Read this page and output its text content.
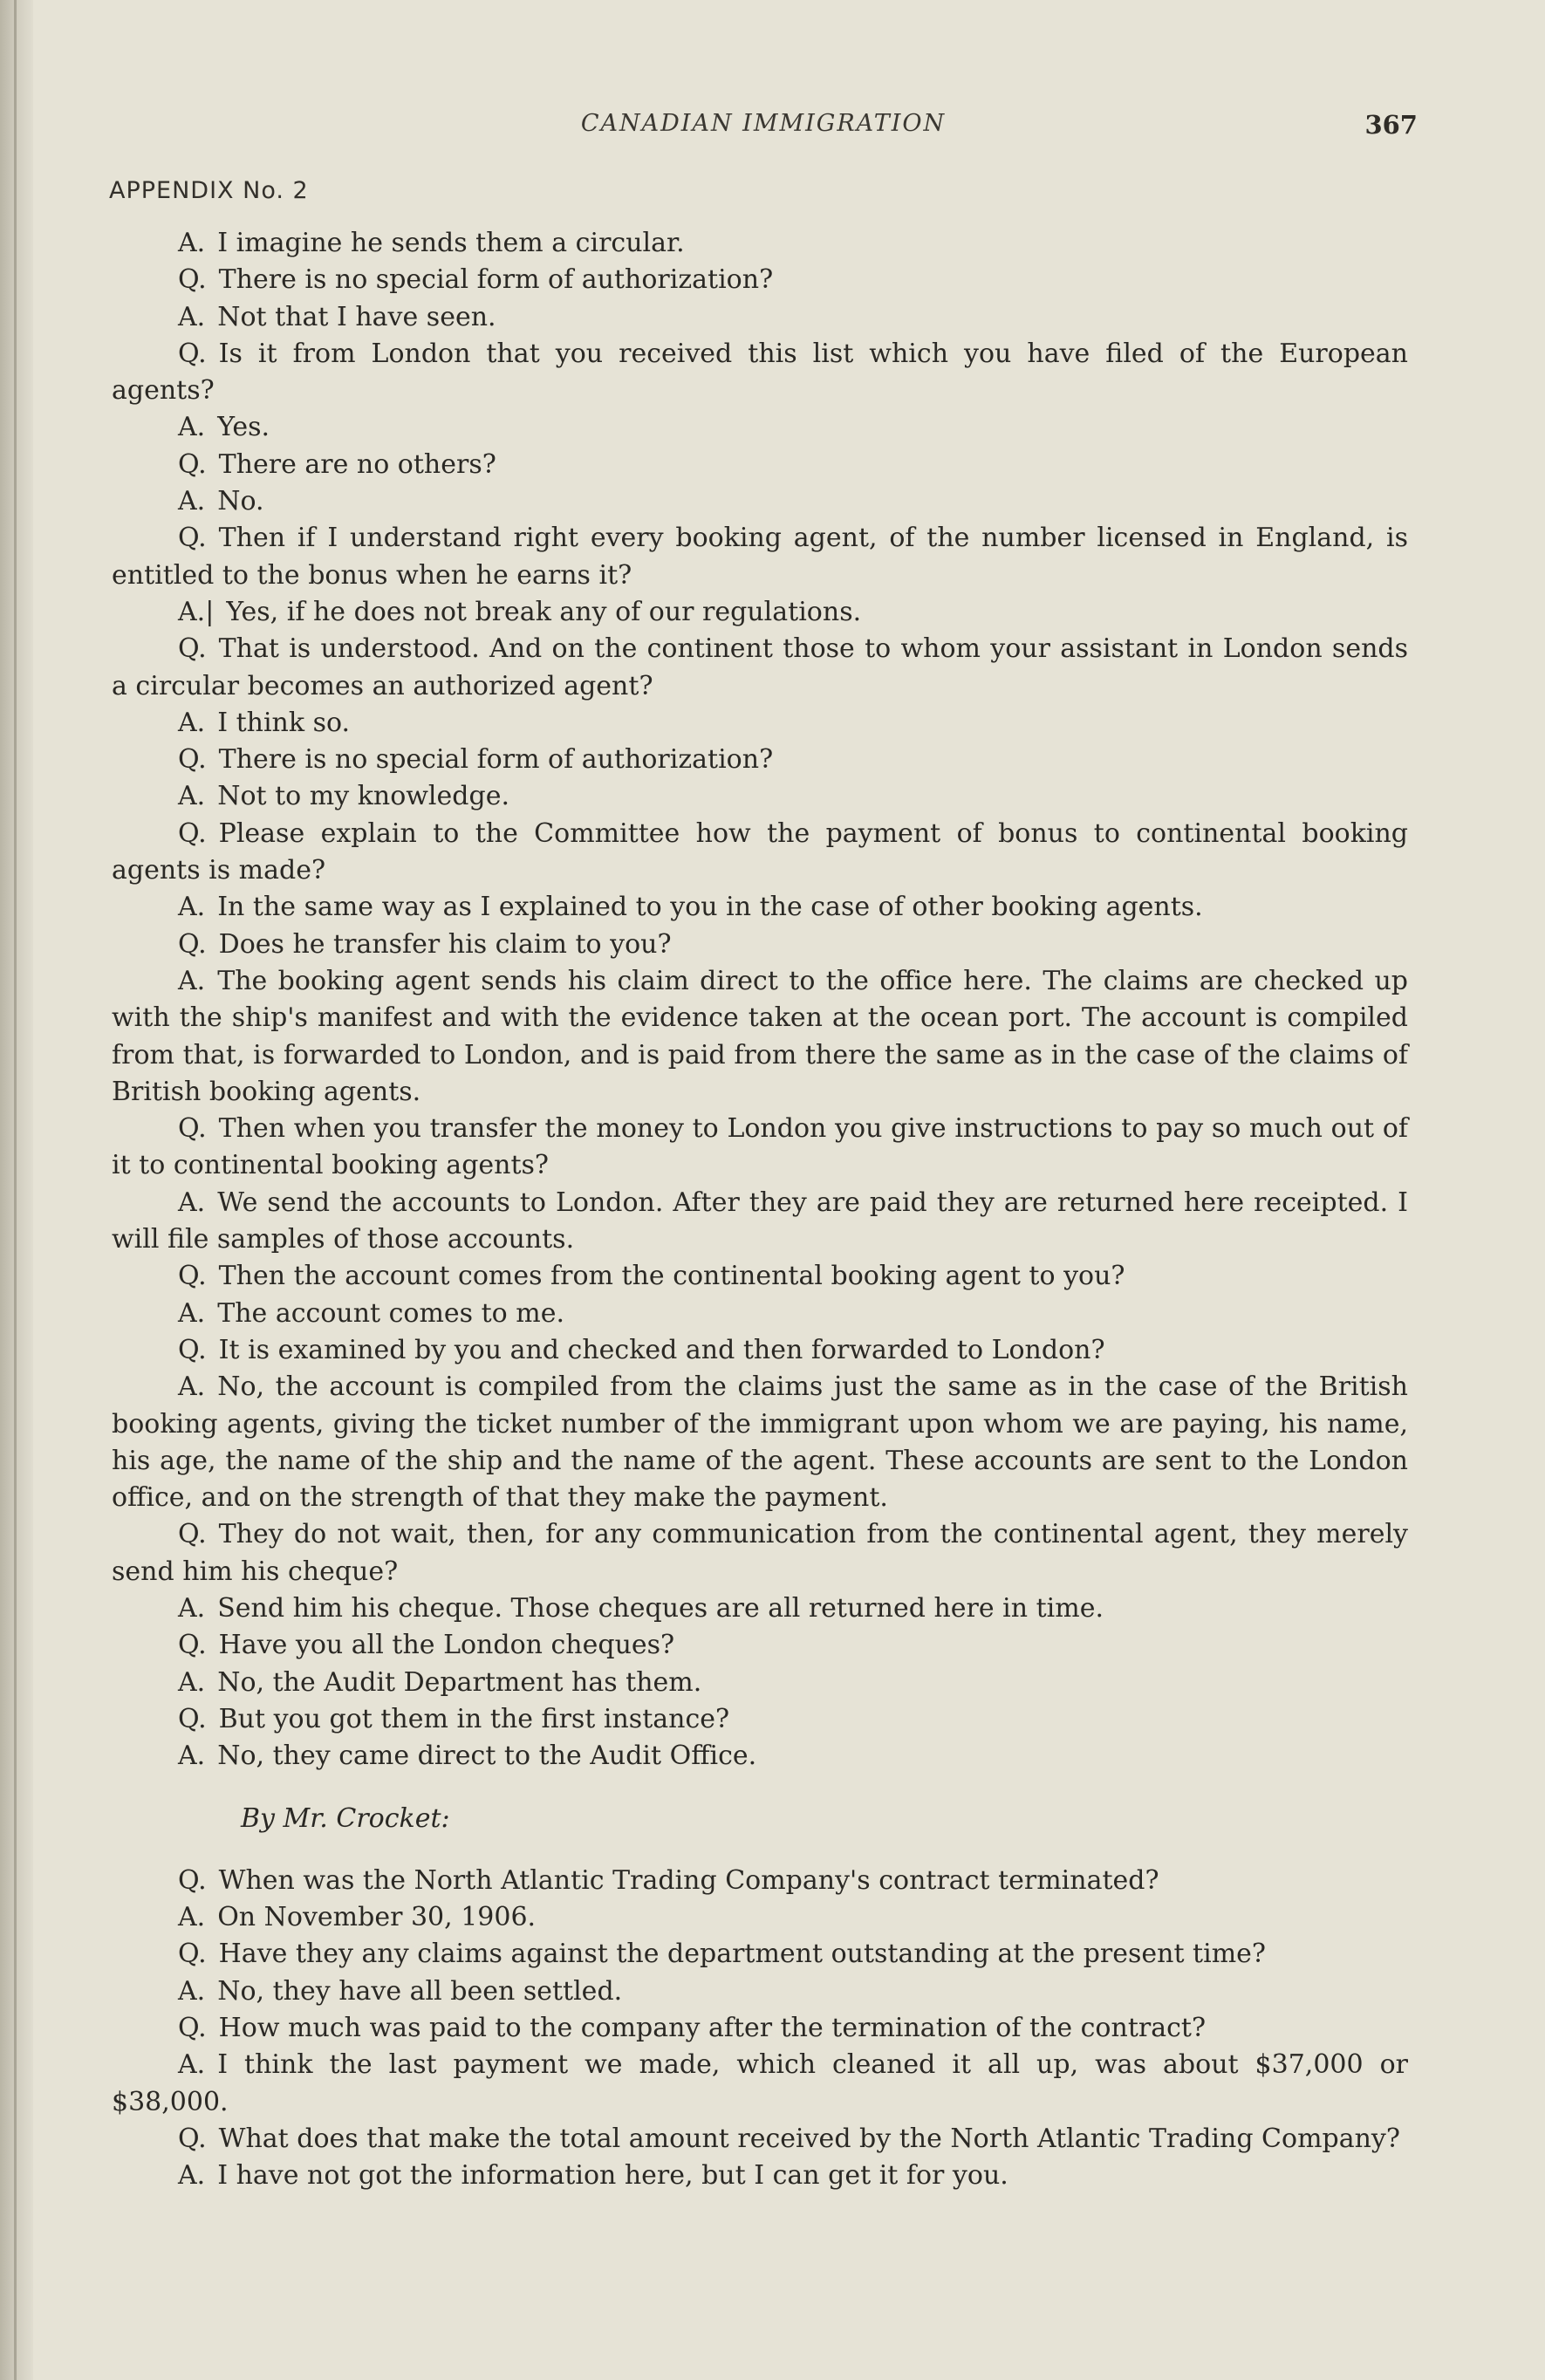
CANADIAN IMMIGRATION	367
APPENDIX No. 2

A. I imagine he sends them a circular.

Q. There is no special form of authorization?

A. Not that I have seen.

Q. Is it from London that you received this list which you have filed of the European agents?

A. Yes.

Q. There are no others?

A. No.

Q. Then if I understand right every booking agent, of the number licensed in England, is entitled to the bonus when he earns it?

A.| Yes, if he does not break any of our regulations.

Q. That is understood. And on the continent those to whom your assistant in London sends a circular becomes an authorized agent?

A. I think so.

Q. There is no special form of authorization?

A. Not to my knowledge.

Q. Please explain to the Committee how the payment of bonus to continental booking agents is made?

A. In the same way as I explained to you in the case of other booking agents.

Q. Does he transfer his claim to you?

A. The booking agent sends his claim direct to the office here. The claims are checked up with the ship's manifest and with the evidence taken at the ocean port. The account is compiled from that, is forwarded to London, and is paid from there the same as in the case of the claims of British booking agents.

Q. Then when you transfer the money to London you give instructions to pay so much out of it to continental booking agents?

A. We send the accounts to London. After they are paid they are returned here receipted. I will file samples of those accounts.

Q. Then the account comes from the continental booking agent to you?

A. The account comes to me.

Q. It is examined by you and checked and then forwarded to London?

A. No, the account is compiled from the claims just the same as in the case of the British booking agents, giving the ticket number of the immigrant upon whom we are paying, his name, his age, the name of the ship and the name of the agent. These accounts are sent to the London office, and on the strength of that they make the payment.

Q. They do not wait, then, for any communication from the continental agent, they merely send him his cheque?

A. Send him his cheque. Those cheques are all returned here in time.

Q. Have you all the London cheques?

A. No, the Audit Department has them.

Q. But you got them in the first instance?

A. No, they came direct to the Audit Office.

By Mr. Crocket:

Q. When was the North Atlantic Trading Company's contract terminated?

A. On November 30, 1906.

Q. Have they any claims against the department outstanding at the present time?

A. No, they have all been settled.

Q. How much was paid to the company after the termination of the contract?

A. I think the last payment we made, which cleaned it all up, was about $37,000 or $38,000.

Q. What does that make the total amount received by the North Atlantic Trading Company?

A. I have not got the information here, but I can get it for you.
